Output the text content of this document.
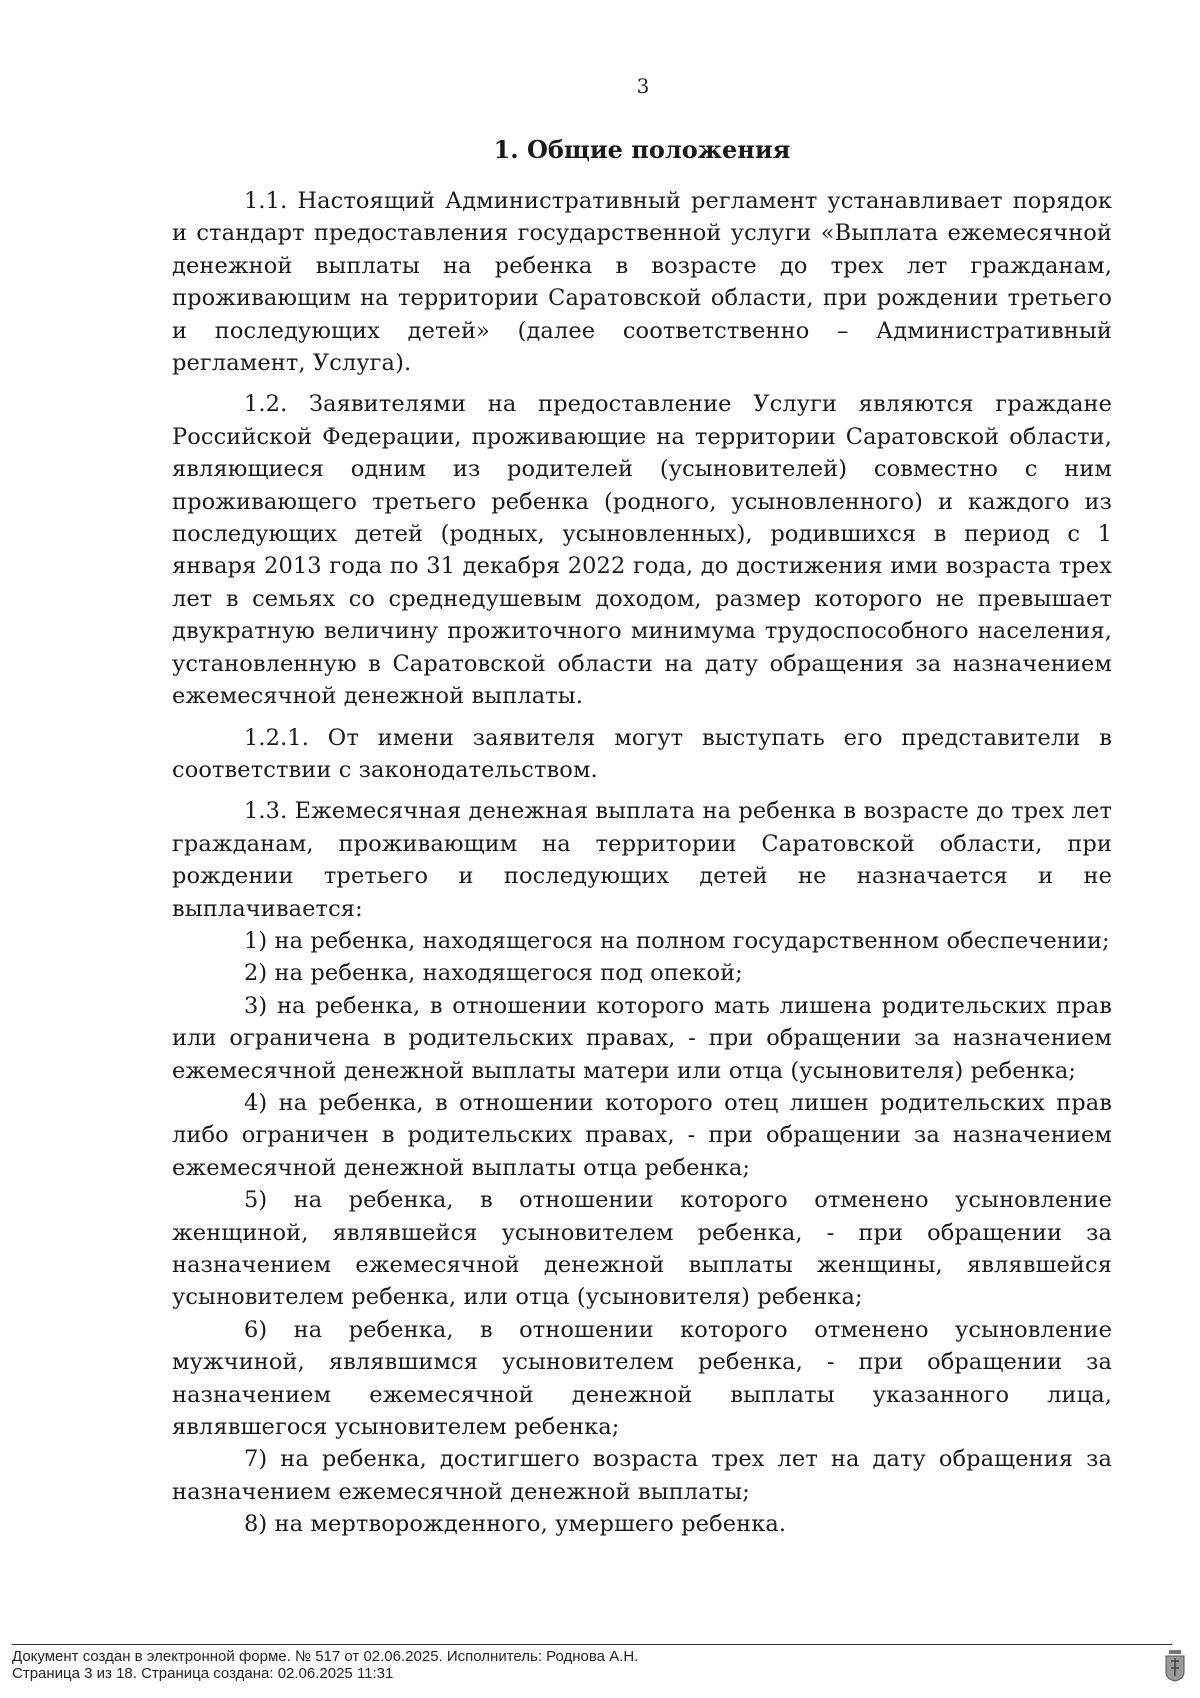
3
1. Общие положения

1.1. Настоящий Административный регламент устанавливает порядок и стандарт предоставления государственной услуги «Выплата ежемесячной денежной выплаты на ребенка в возрасте до трех лет гражданам, проживающим на территории Саратовской области, при рождении третьего и последующих детей» (далее соответственно – Административный регламент, Услуга).

1.2. Заявителями на предоставление Услуги являются граждане Российской Федерации, проживающие на территории Саратовской области, являющиеся одним из родителей (усыновителей) совместно с ним проживающего третьего ребенка (родного, усыновленного) и каждого из последующих детей (родных, усыновленных), родившихся в период с 1 января 2013 года по 31 декабря 2022 года, до достижения ими возраста трех лет в семьях со среднедушевым доходом, размер которого не превышает двукратную величину прожиточного минимума трудоспособного населения, установленную в Саратовской области на дату обращения за назначением ежемесячной денежной выплаты.

1.2.1. От имени заявителя могут выступать его представители в соответствии с законодательством.

1.3. Ежемесячная денежная выплата на ребенка в возрасте до трех лет гражданам, проживающим на территории Саратовской области, при рождении третьего и последующих детей не назначается и не выплачивается:

1) на ребенка, находящегося на полном государственном обеспечении;

2) на ребенка, находящегося под опекой;

3) на ребенка, в отношении которого мать лишена родительских прав или ограничена в родительских правах, - при обращении за назначением ежемесячной денежной выплаты матери или отца (усыновителя) ребенка;

4) на ребенка, в отношении которого отец лишен родительских прав либо ограничен в родительских правах, - при обращении за назначением ежемесячной денежной выплаты отца ребенка;

5) на ребенка, в отношении которого отменено усыновление женщиной, являвшейся усыновителем ребенка, - при обращении за назначением ежемесячной денежной выплаты женщины, являвшейся усыновителем ребенка, или отца (усыновителя) ребенка;

6) на ребенка, в отношении которого отменено усыновление мужчиной, являвшимся усыновителем ребенка, - при обращении за назначением ежемесячной денежной выплаты указанного лица, являвшегося усыновителем ребенка;

7) на ребенка, достигшего возраста трех лет на дату обращения за назначением ежемесячной денежной выплаты;

8) на мертворожденного, умершего ребенка.

Документ создан в электронной форме. № 517 от 02.06.2025. Исполнитель: Роднова А.Н.
Страница 3 из 18. Страница создана: 02.06.2025 11:31
